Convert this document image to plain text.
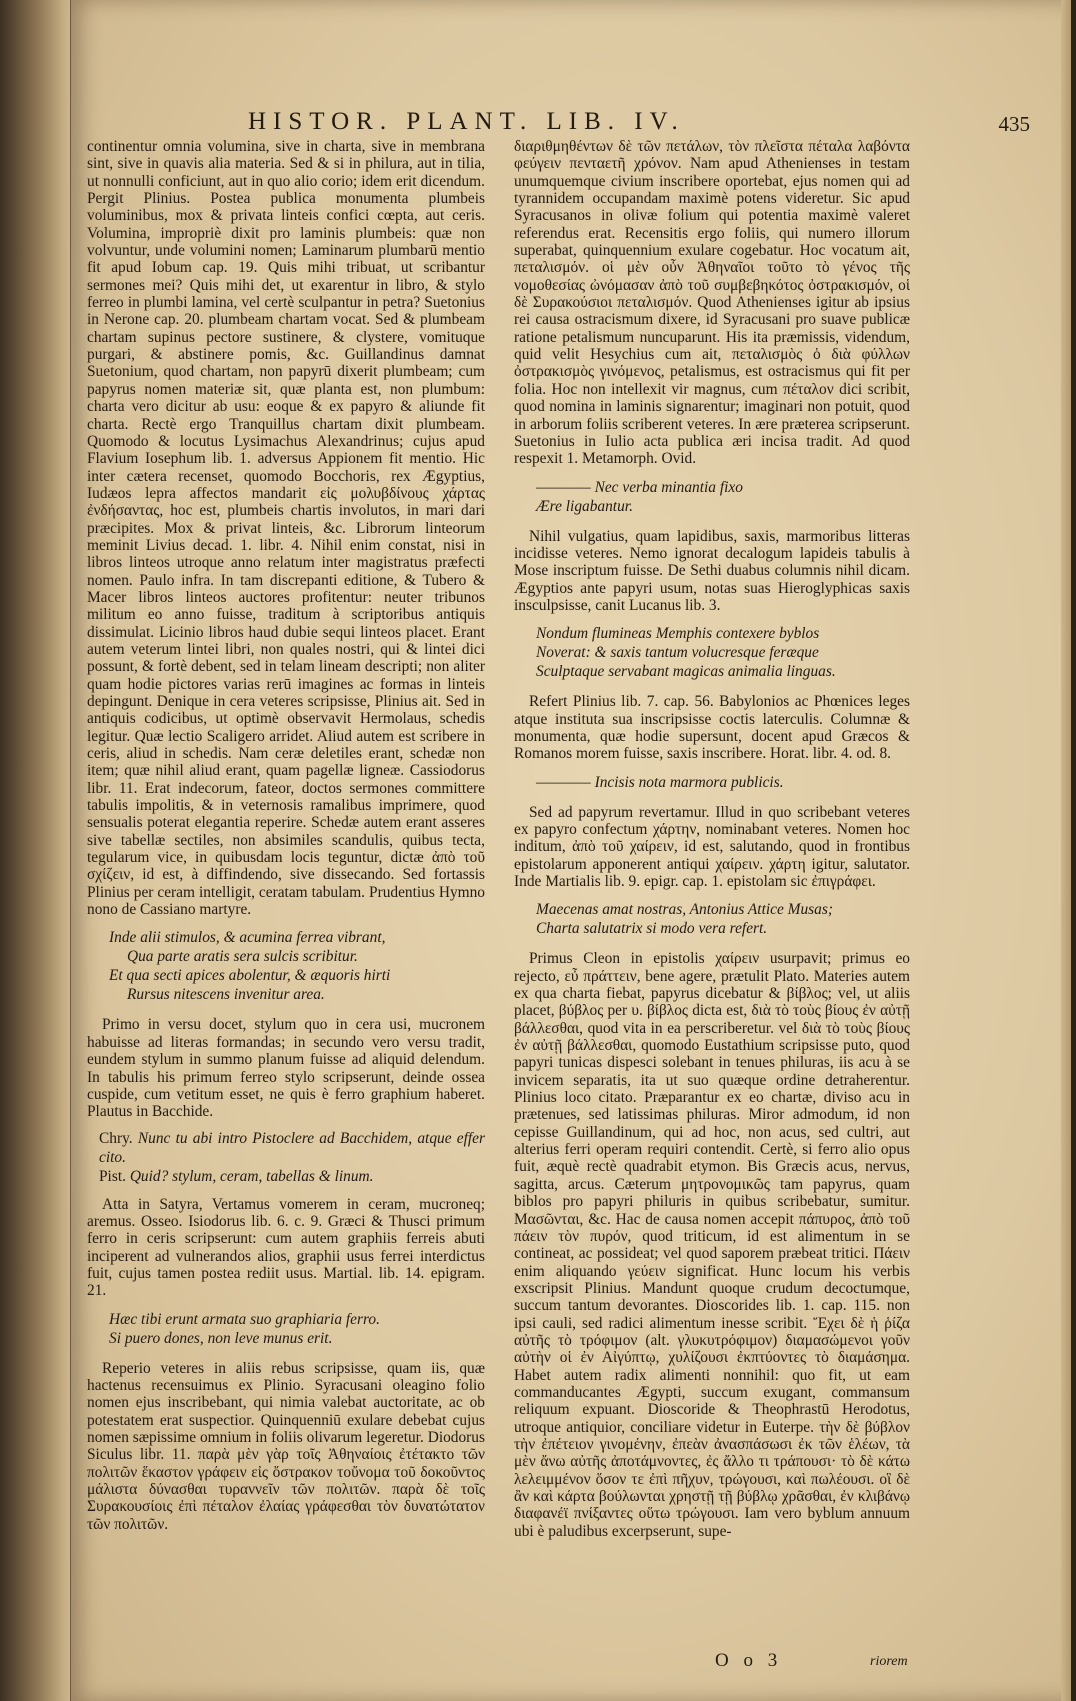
HISTOR. PLANT. LIB. IV.	435

continentur omnia volumina, sive in charta, sive in membrana sint, sive in quavis alia materia. Sed & si in philura, aut in tilia, ut nonnulli conficiunt, aut in quo alio corio; idem erit dicendum. Pergit Plinius. Postea publica monumenta plumbeis voluminibus, mox & privata linteis confici cœpta, aut ceris. Volumina, impropriè dixit pro laminis plumbeis: quæ non volvuntur, unde volumini nomen; Laminarum plumbarū mentio fit apud Iobum cap. 19. Quis mihi tribuat, ut scribantur sermones mei? Quis mihi det, ut exarentur in libro, & stylo ferreo in plumbi lamina, vel certè sculpantur in petra? Suetonius in Nerone cap. 20. plumbeam chartam vocat. Sed & plumbeam chartam supinus pectore sustinere, & clystere, vomituque purgari, & abstinere pomis, &c. Guillandinus damnat Suetonium, quod chartam, non papyrū dixerit plumbeam; cum papyrus nomen materiæ sit, quæ planta est, non plumbum: charta vero dicitur ab usu: eoque & ex papyro & aliunde fit charta. Rectè ergo Tranquillus chartam dixit plumbeam. Quomodo & locutus Lysimachus Alexandrinus; cujus apud Flavium Iosephum lib. 1. adversus Appionem fit mentio. Hic inter cætera recenset, quomodo Bocchoris, rex Ægyptius, Iudæos lepra affectos mandarit εἰς μολυβδίνους χάρτας ἐνδήσαντας, hoc est, plumbeis chartis involutos, in mari dari præcipites. Mox & privat linteis, &c. Librorum linteorum meminit Livius decad. 1. libr. 4. Nihil enim constat, nisi in libros linteos utroque anno relatum inter magistratus præfecti nomen. Paulo infra. In tam discrepanti editione, & Tubero & Macer libros linteos auctores profitentur: neuter tribunos militum eo anno fuisse, traditum à scriptoribus antiquis dissimulat. Licinio libros haud dubie sequi linteos placet. Erant autem veterum lintei libri, non quales nostri, qui & lintei dici possunt, & fortè debent, sed in telam lineam descripti; non aliter quam hodie pictores varias rerū imagines ac formas in linteis depingunt. Denique in cera veteres scripsisse, Plinius ait. Sed in antiquis codicibus, ut optimè observavit Hermolaus, schedis legitur. Quæ lectio Scaligero arridet. Aliud autem est scribere in ceris, aliud in schedis. Nam ceræ deletiles erant, schedæ non item; quæ nihil aliud erant, quam pagellæ ligneæ. Cassiodorus libr. 11. Erat indecorum, fateor, doctos sermones committere tabulis impolitis, & in veternosis ramalibus imprimere, quod sensualis poterat elegantia reperire. Schedæ autem erant asseres sive tabellæ sectiles, non absimiles scandulis, quibus tecta, tegularum vice, in quibusdam locis teguntur, dictæ ἀπὸ τοῦ σχίζειν, id est, à diffindendo, sive dissecando. Sed fortassis Plinius per ceram intelligit, ceratam tabulam. Prudentius Hymno nono de Cassiano martyre.

Inde alii stimulos, & acumina ferrea vibrant,
Qua parte aratis sera sulcis scribitur.
Et qua secti apices abolentur, & æquoris hirti
Rursus nitescens invenitur area.

Primo in versu docet, stylum quo in cera usi, mucronem habuisse ad literas formandas; in secundo vero versu tradit, eundem stylum in summo planum fuisse ad aliquid delendum. In tabulis his primum ferreo stylo scripserunt, deinde ossea cuspide, cum vetitum esset, ne quis è ferro graphium haberet. Plautus in Bacchide.

Chry. Nunc tu abi intro Pistoclere ad Bacchidem, atque effer cito.
Pist. Quid? stylum, ceram, tabellas & linum.

Atta in Satyra, Vertamus vomerem in ceram, mucroneq; aremus. Osseo. Isiodorus lib. 6. c. 9. Græci & Thusci primum ferro in ceris scripserunt: cum autem graphiis ferreis abuti inciperent ad vulnerandos alios, graphii usus ferrei interdictus fuit, cujus tamen postea rediit usus. Martial. lib. 14. epigram. 21.

Hæc tibi erunt armata suo graphiaria ferro.
Si puero dones, non leve munus erit.

Reperio veteres in aliis rebus scripsisse, quam iis, quæ hactenus recensuimus ex Plinio. Syracusani oleagino folio nomen ejus inscribebant, qui nimia valebat auctoritate, ac ob potestatem erat suspectior. Quinquenniū exulare debebat cujus nomen sæpissime omnium in foliis olivarum legeretur. Diodorus Siculus libr. 11. παρὰ μὲν γὰρ τοῖς Ἀθηναίοις ἐτέτακτο τῶν πολιτῶν ἕκαστον γράφειν εἰς ὄστρακον τοὔνομα τοῦ δοκοῦντος μάλιστα δύνασθαι τυραννεῖν τῶν πολιτῶν. παρὰ δὲ τοῖς Συρακουσίοις ἐπὶ πέταλον ἐλαίας γράφεσθαι τὸν δυνατώτατον τῶν πολιτῶν.

διαριθμηθέντων δὲ τῶν πετάλων, τὸν πλεῖστα πέταλα λαβόντα φεύγειν πενταετῆ χρόνον. Nam apud Athenienses in testam unumquemque civium inscribere oportebat, ejus nomen qui ad tyrannidem occupandam maximè potens videretur. Sic apud Syracusanos in olivæ folium qui potentia maximè valeret referendus erat. Recensitis ergo foliis, qui numero illorum superabat, quinquennium exulare cogebatur. Hoc vocatum ait, πεταλισμόν. οἱ μὲν οὖν Ἀθηναῖοι τοῦτο τὸ γένος τῆς νομοθεσίας ὠνόμασαν ἀπὸ τοῦ συμβεβηκότος ὀστρακισμόν, οἱ δὲ Συρακούσιοι πεταλισμόν. Quod Athenienses igitur ab ipsius rei causa ostracismum dixere, id Syracusani pro suave publicæ ratione petalismum nuncuparunt. His ita præmissis, videndum, quid velit Hesychius cum ait, πεταλισμὸς ὁ διὰ φύλλων ὀστρακισμὸς γινόμενος, petalismus, est ostracismus qui fit per folia. Hoc non intellexit vir magnus, cum πέταλον dici scribit, quod nomina in laminis signarentur; imaginari non potuit, quod in arborum foliis scriberent veteres. In ære præterea scripserunt. Suetonius in Iulio acta publica æri incisa tradit. Ad quod respexit 1. Metamorph. Ovid.

———— Nec verba minantia fixo
Ære ligabantur.

Nihil vulgatius, quam lapidibus, saxis, marmoribus litteras incidisse veteres. Nemo ignorat decalogum lapideis tabulis à Mose inscriptum fuisse. De Sethi duabus columnis nihil dicam. Ægyptios ante papyri usum, notas suas Hieroglyphicas saxis insculpsisse, canit Lucanus lib. 3.

Nondum flumineas Memphis contexere byblos
Noverat: & saxis tantum volucresque feræque
Sculptaque servabant magicas animalia linguas.

Refert Plinius lib. 7. cap. 56. Babylonios ac Phœnices leges atque instituta sua inscripsisse coctis laterculis. Columnæ & monumenta, quæ hodie supersunt, docent apud Græcos & Romanos morem fuisse, saxis inscribere. Horat. libr. 4. od. 8.

———— Incisis nota marmora publicis.

Sed ad papyrum revertamur. Illud in quo scribebant veteres ex papyro confectum χάρτην, nominabant veteres. Nomen hoc inditum, ἀπὸ τοῦ χαίρειν, id est, salutando, quod in frontibus epistolarum apponerent antiqui χαίρειν. χάρτη igitur, salutator. Inde Martialis lib. 9. epigr. cap. 1. epistolam sic ἐπιγράφει.

Maecenas amat nostras, Antonius Attice Musas;
Charta salutatrix si modo vera refert.

Primus Cleon in epistolis χαίρειν usurpavit; primus eo rejecto, εὖ πράττειν, bene agere, prætulit Plato. Materies autem ex qua charta fiebat, papyrus dicebatur & βίβλος; vel, ut aliis placet, βύβλος per υ. βίβλος dicta est, διὰ τὸ τοὺς βίους ἐν αὐτῇ βάλλεσθαι, quod vita in ea perscriberetur. vel διὰ τὸ τοὺς βίους ἐν αὐτῇ βάλλεσθαι, quomodo Eustathium scripsisse puto, quod papyri tunicas dispesci solebant in tenues philuras, iis acu à se invicem separatis, ita ut suo quæque ordine detraherentur. Plinius loco citato. Præparantur ex eo chartæ, diviso acu in prætenues, sed latissimas philuras. Miror admodum, id non cepisse Guillandinum, qui ad hoc, non acus, sed cultri, aut alterius ferri operam requiri contendit. Certè, si ferro alio opus fuit, æquè rectè quadrabit etymon. Bis Græcis acus, nervus, sagitta, arcus. Cæterum μητρονομικῶς tam papyrus, quam biblos pro papyri philuris in quibus scribebatur, sumitur. Μασῶνται, &c. Hac de causa nomen accepit πάπυρος, ἀπὸ τοῦ πάειν τὸν πυρόν, quod triticum, id est alimentum in se contineat, ac possideat; vel quod saporem præbeat tritici. Πάειν enim aliquando γεύειν significat. Hunc locum his verbis exscripsit Plinius. Mandunt quoque crudum decoctumque, succum tantum devorantes. Dioscorides lib. 1. cap. 115. non ipsi cauli, sed radici alimentum inesse scribit. Ἔχει δὲ ἡ ῥίζα αὐτῆς τὸ τρόφιμον (alt. γλυκυτρόφιμον) διαμασώμενοι γοῦν αὐτὴν οἱ ἐν Αἰγύπτῳ, χυλίζουσι ἐκπτύοντες τὸ διαμάσημα. Habet autem radix alimenti nonnihil: quo fit, ut eam commanducantes Ægypti, succum exugant, commansum reliquum expuant. Dioscoride & Theophrastū Herodotus, utroque antiquior, conciliare videtur in Euterpe. τὴν δὲ βύβλον τὴν ἐπέτειον γινομένην, ἐπεὰν ἀνασπάσωσι ἐκ τῶν ἑλέων, τὰ μὲν ἄνω αὐτῆς ἀποτάμνοντες, ἐς ἄλλο τι τράπουσι· τὸ δὲ κάτω λελειμμένον ὅσον τε ἐπὶ πῆχυν, τρώγουσι, καὶ πωλέουσι. οἳ δὲ ἂν καὶ κάρτα βούλωνται χρηστῇ τῇ βύβλῳ χρᾶσθαι, ἐν κλιβάνῳ διαφανέϊ πνίξαντες οὕτω τρώγουσι. Iam vero byblum annuum ubi è paludibus excerpserunt, supe-

O o 3	riorem
